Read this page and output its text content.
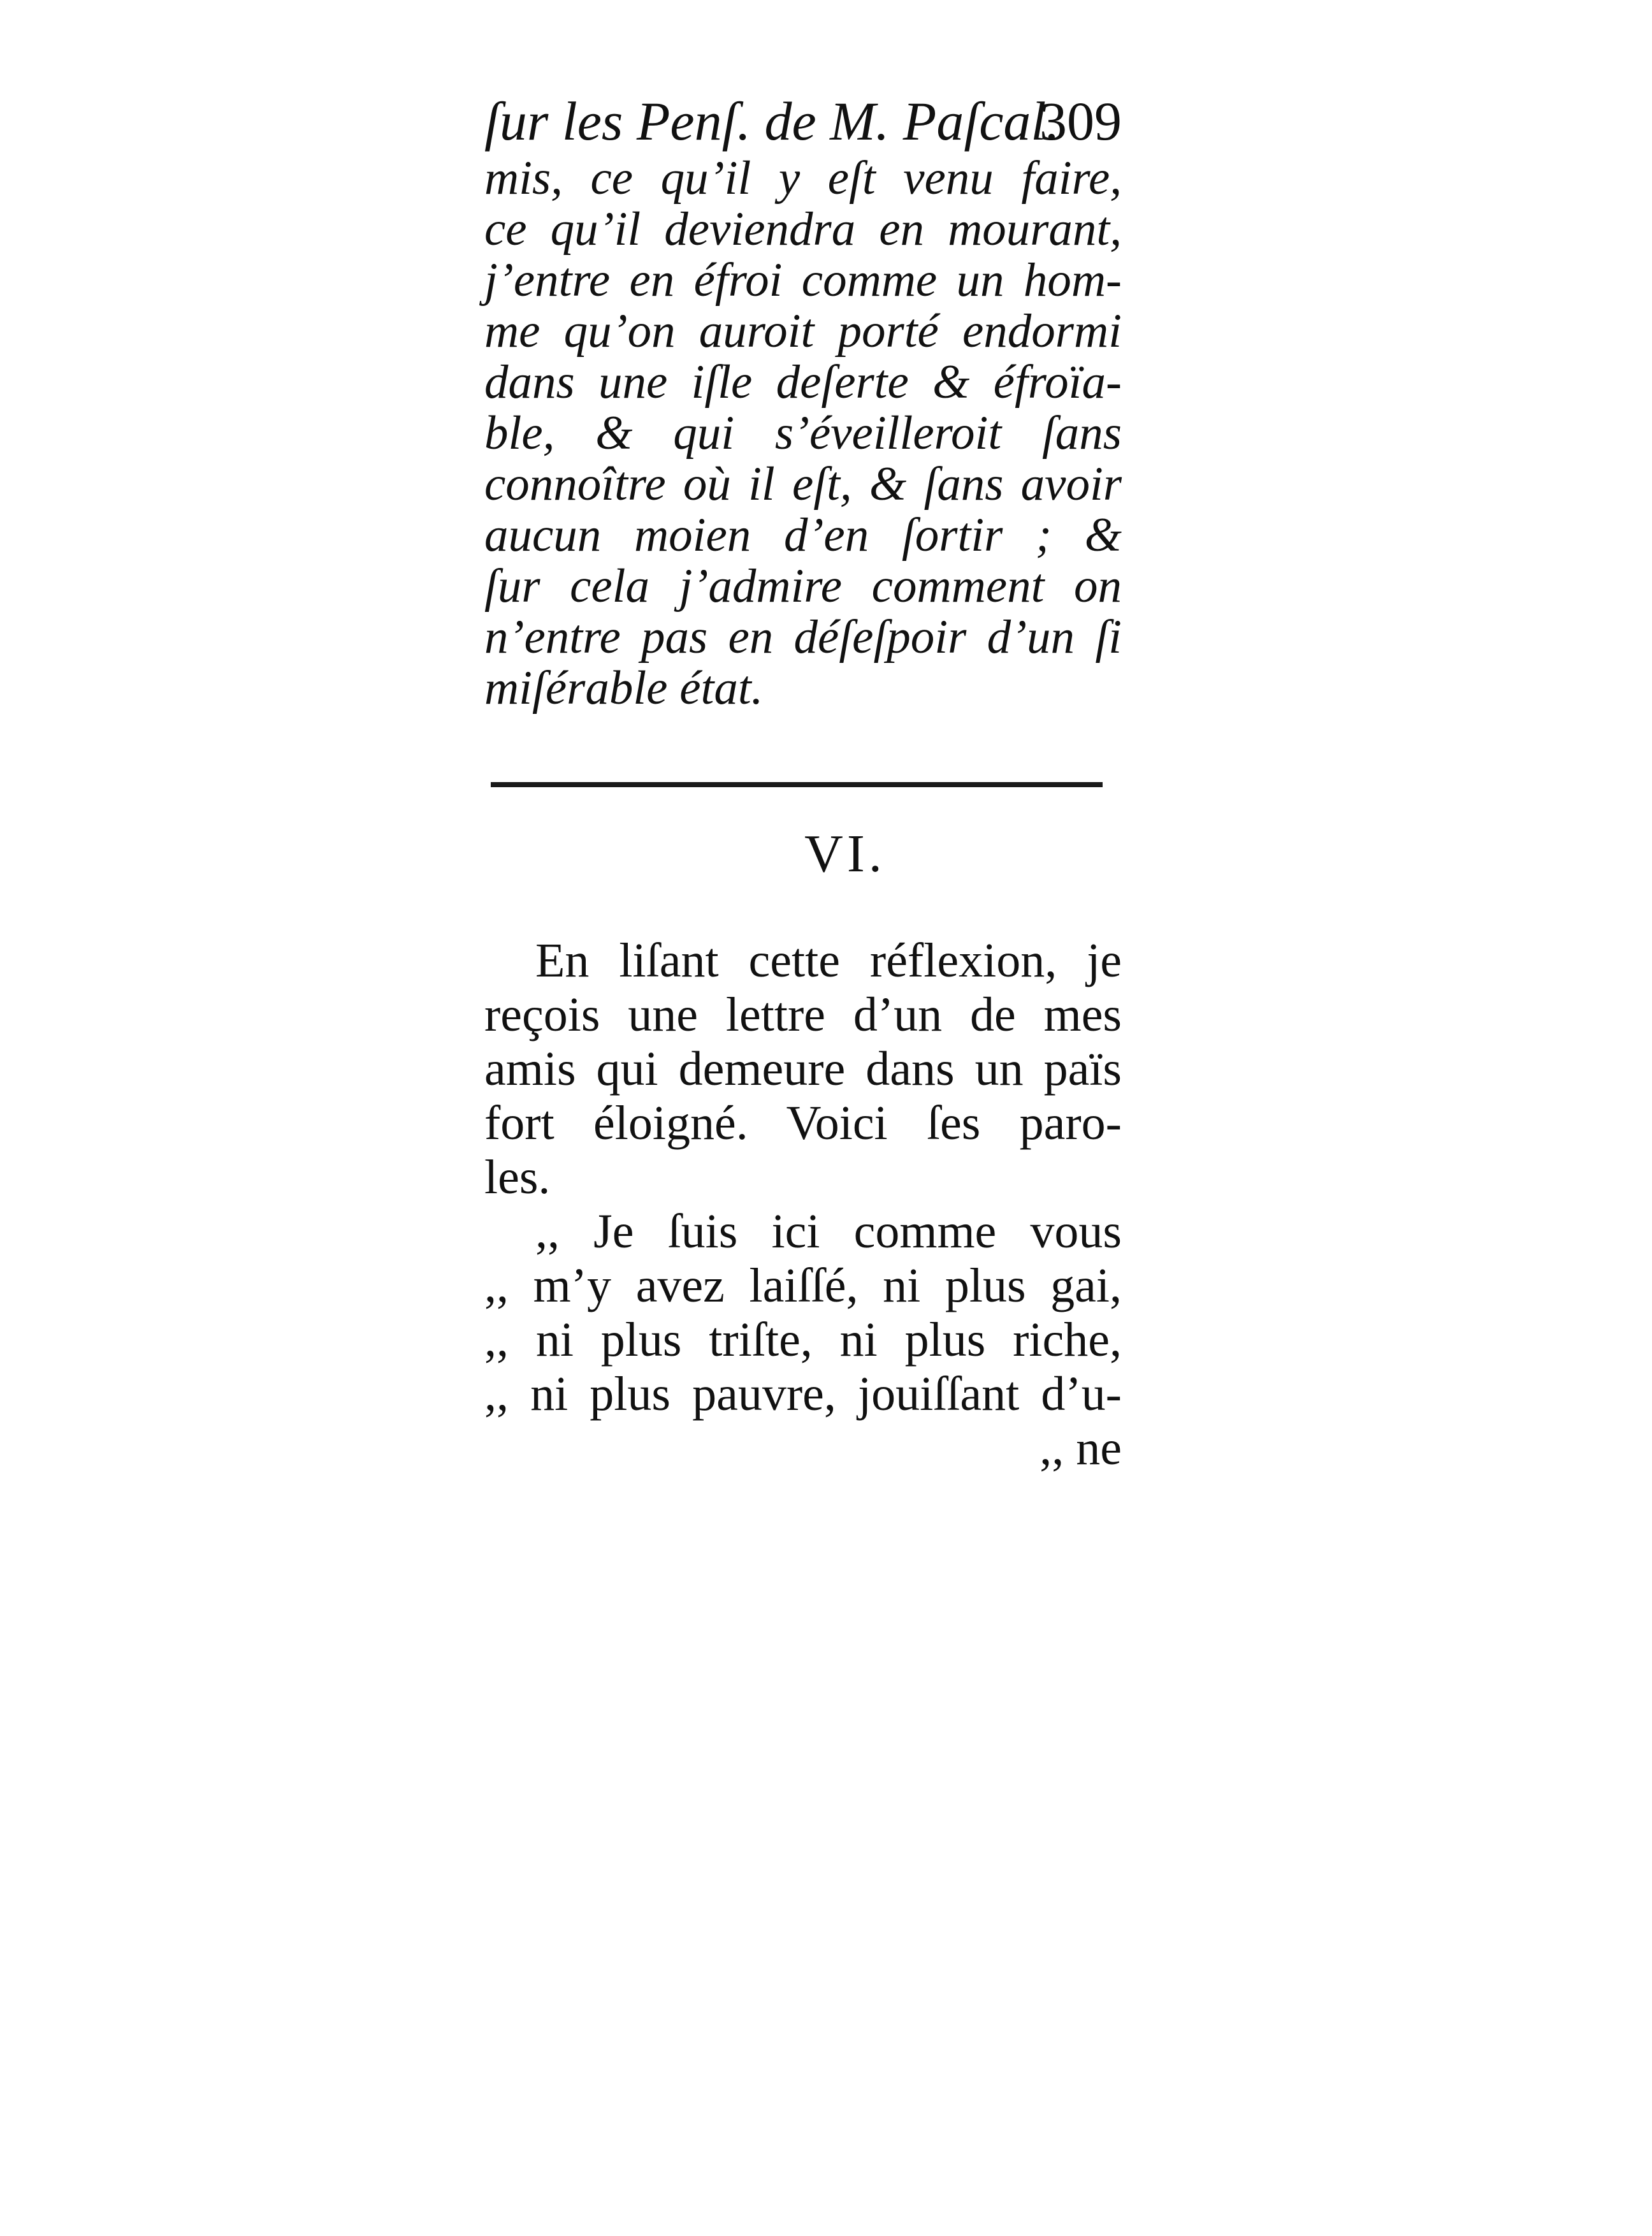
ſur les Penſ. de M. Paſcal.
309
mis, ce qu’il y eſt venu faire,
ce qu’il deviendra en mourant,
j’entre en éfroi comme un hom-
me qu’on auroit porté endormi
dans une iſle deſerte & éfroïa-
ble, & qui s’éveilleroit ſans
connoître où il eſt, & ſans avoir
aucun moien d’en ſortir ; &
ſur cela j’admire comment on
n’entre pas en déſeſpoir d’un ſi
miſérable état.
VI.
En liſant cette réflexion, je
reçois une lettre d’un de mes
amis qui demeure dans un païs
fort éloigné. Voici ſes paro-
les.
,, Je ſuis ici comme vous
,, m’y avez laiſſé, ni plus gai,
,, ni plus triſte, ni plus riche,
,, ni plus pauvre, jouiſſant d’u-
,, ne
